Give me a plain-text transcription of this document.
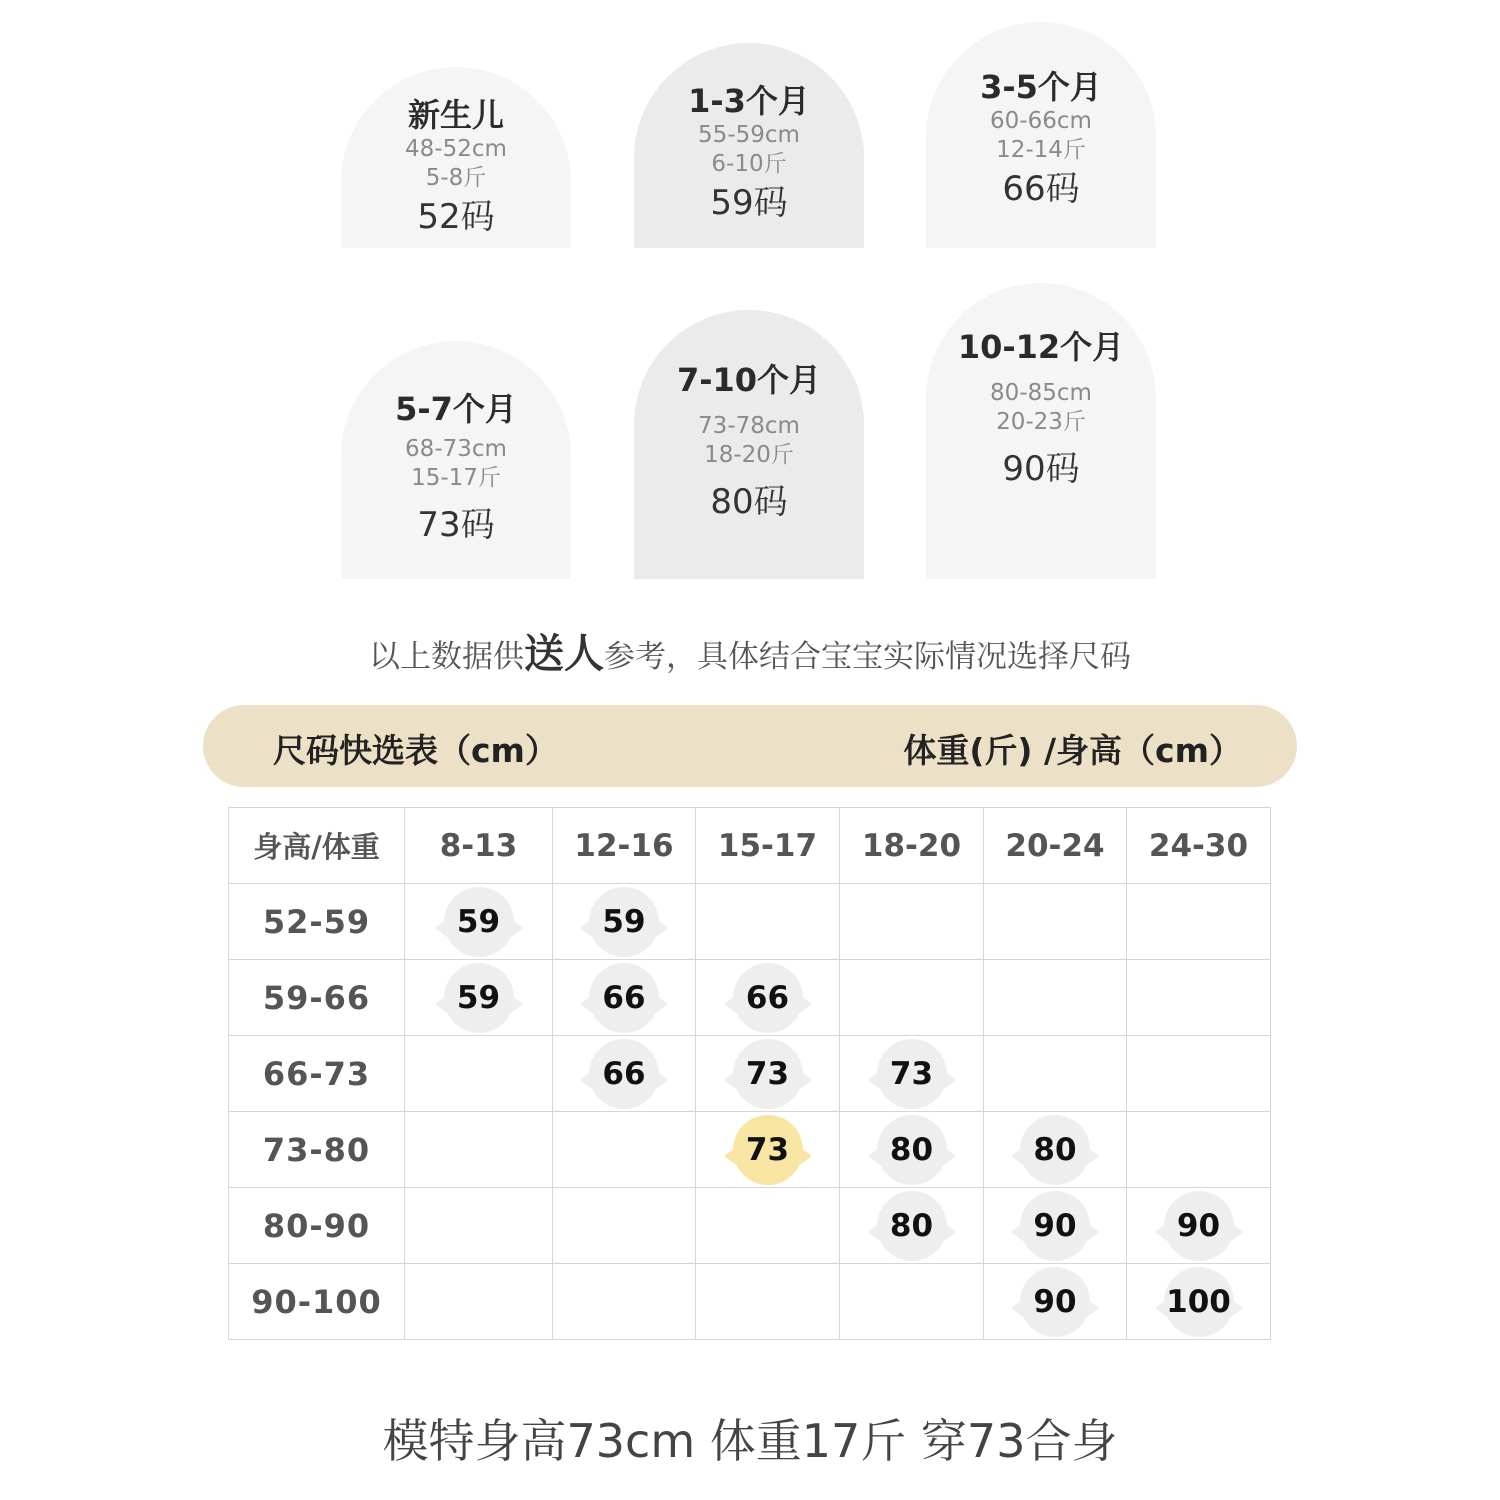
新生儿
48-52cm
5-8斤
52码
1-3个月
55-59cm
6-10斤
59码
3-5个月
60-66cm
12-14斤
66码
5-7个月
68-73cm
15-17斤
73码
7-10个月
73-78cm
18-20斤
80码
10-12个月
80-85cm
20-23斤
90码
以上数据供送人参考，具体结合宝宝实际情况选择尺码
尺码快选表（cm）	体重(斤) /身高（cm）
身高/体重	8-13	12-16	15-17	18-20	20-24	24-30
52-59	59	59				
59-66	59	66	66			
66-73		66	73	73		
73-80			73	80	80	
80-90				80	90	90
90-100					90	100
模特身高73cm 体重17斤 穿73合身
